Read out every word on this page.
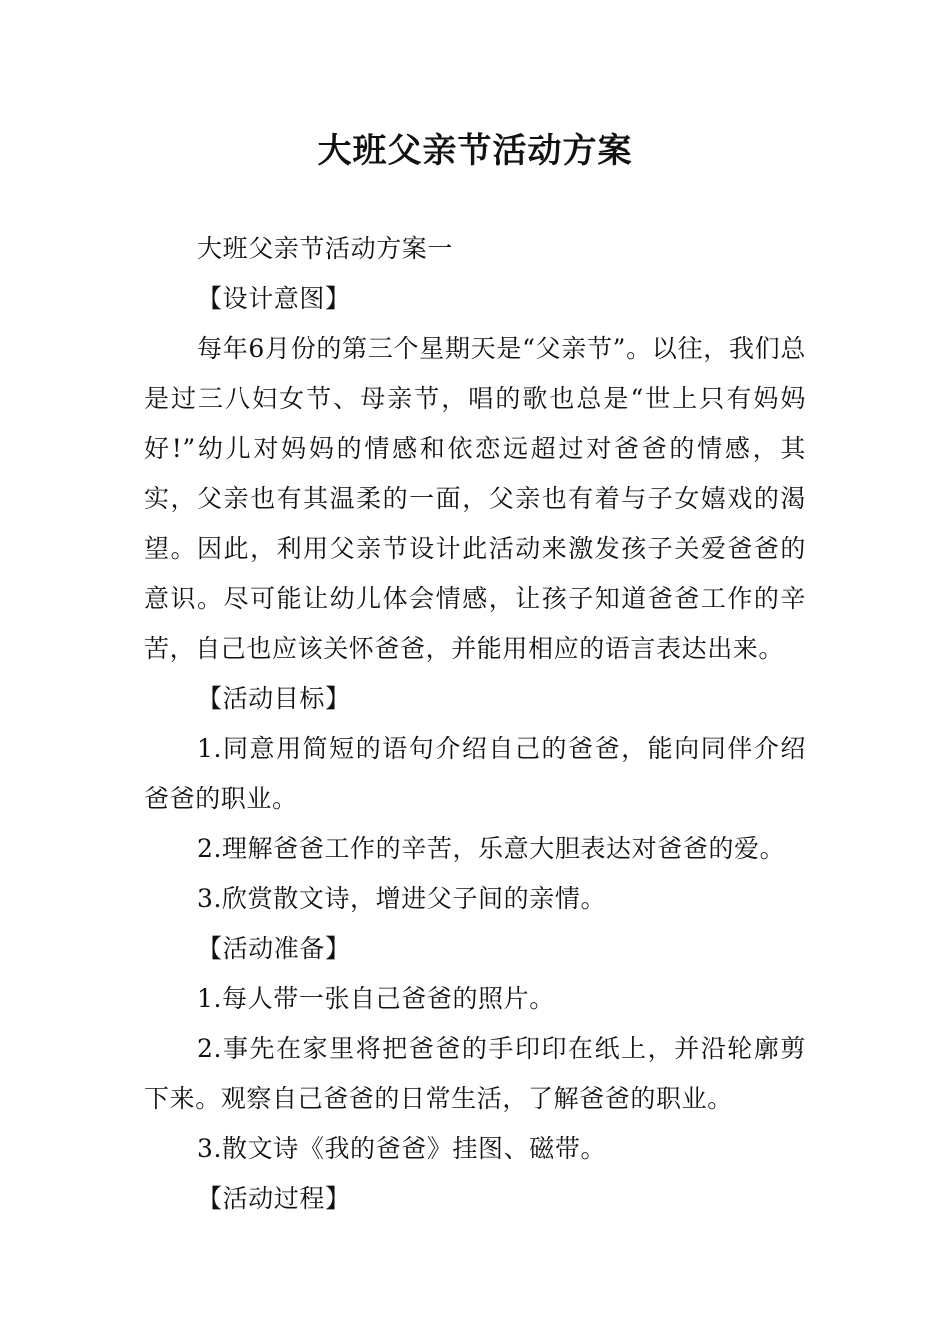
大班父亲节活动方案

大班父亲节活动方案一

【设计意图】

每年6月份的第三个星期天是“父亲节”。以往，我们总是过三八妇女节、母亲节，唱的歌也总是“世上只有妈妈好!”幼儿对妈妈的情感和依恋远超过对爸爸的情感，其实，父亲也有其温柔的一面，父亲也有着与子女嬉戏的渴望。因此，利用父亲节设计此活动来激发孩子关爱爸爸的意识。尽可能让幼儿体会情感，让孩子知道爸爸工作的辛苦，自己也应该关怀爸爸，并能用相应的语言表达出来。

【活动目标】

1.同意用简短的语句介绍自己的爸爸，能向同伴介绍爸爸的职业。

2.理解爸爸工作的辛苦，乐意大胆表达对爸爸的爱。

3.欣赏散文诗，增进父子间的亲情。

【活动准备】

1.每人带一张自己爸爸的照片。

2.事先在家里将把爸爸的手印印在纸上，并沿轮廓剪下来。观察自己爸爸的日常生活，了解爸爸的职业。

3.散文诗《我的爸爸》挂图、磁带。

【活动过程】
